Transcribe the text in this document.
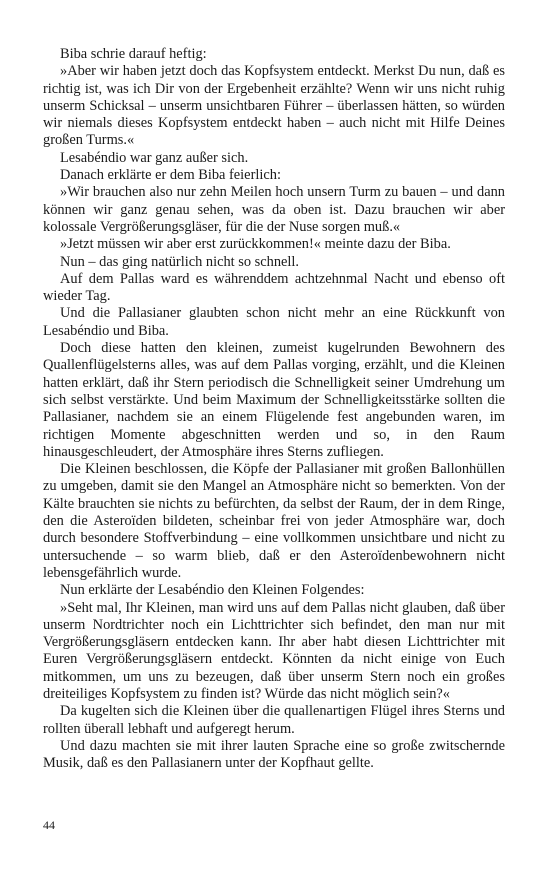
Biba schrie darauf heftig:

»Aber wir haben jetzt doch das Kopfsystem entdeckt. Merkst Du nun, daß es richtig ist, was ich Dir von der Ergebenheit erzählte? Wenn wir uns nicht ruhig unserm Schicksal – unserm unsichtbaren Führer – überlassen hätten, so würden wir niemals dieses Kopfsystem entdeckt haben – auch nicht mit Hilfe Deines großen Turms.«

Lesabéndio war ganz außer sich.

Danach erklärte er dem Biba feierlich:

»Wir brauchen also nur zehn Meilen hoch unsern Turm zu bauen – und dann können wir ganz genau sehen, was da oben ist. Dazu brauchen wir aber kolossale Vergrößerungsgläser, für die der Nuse sorgen muß.«

»Jetzt müssen wir aber erst zurückkommen!« meinte dazu der Biba.

Nun – das ging natürlich nicht so schnell.

Auf dem Pallas ward es währenddem achtzehnmal Nacht und ebenso oft wieder Tag.

Und die Pallasianer glaubten schon nicht mehr an eine Rückkunft von Lesabéndio und Biba.

Doch diese hatten den kleinen, zumeist kugelrunden Bewohnern des Quallenflügelsterns alles, was auf dem Pallas vorging, erzählt, und die Kleinen hatten erklärt, daß ihr Stern periodisch die Schnelligkeit seiner Umdrehung um sich selbst verstärkte. Und beim Maximum der Schnelligkeitsstärke sollten die Pallasianer, nachdem sie an einem Flügelende fest angebunden waren, im richtigen Momente abgeschnitten werden und so, in den Raum hinausgeschleudert, der Atmosphäre ihres Sterns zufliegen.

Die Kleinen beschlossen, die Köpfe der Pallasianer mit großen Ballonhüllen zu umgeben, damit sie den Mangel an Atmosphäre nicht so bemerkten. Von der Kälte brauchten sie nichts zu befürchten, da selbst der Raum, der in dem Ringe, den die Asteroïden bildeten, scheinbar frei von jeder Atmosphäre war, doch durch besondere Stoffverbindung – eine vollkommen unsichtbare und nicht zu untersuchende – so warm blieb, daß er den Asteroïdenbewohnern nicht lebensgefährlich wurde.

Nun erklärte der Lesabéndio den Kleinen Folgendes:

»Seht mal, Ihr Kleinen, man wird uns auf dem Pallas nicht glauben, daß über unserm Nordtrichter noch ein Lichttrichter sich befindet, den man nur mit Vergrößerungsgläsern entdecken kann. Ihr aber habt diesen Lichttrichter mit Euren Vergrößerungsgläsern entdeckt. Könnten da nicht einige von Euch mitkommen, um uns zu bezeugen, daß über unserm Stern noch ein großes dreiteiliges Kopfsystem zu finden ist? Würde das nicht möglich sein?«

Da kugelten sich die Kleinen über die quallenartigen Flügel ihres Sterns und rollten überall lebhaft und aufgeregt herum.

Und dazu machten sie mit ihrer lauten Sprache eine so große zwitschernde Musik, daß es den Pallasianern unter der Kopfhaut gellte.

44
